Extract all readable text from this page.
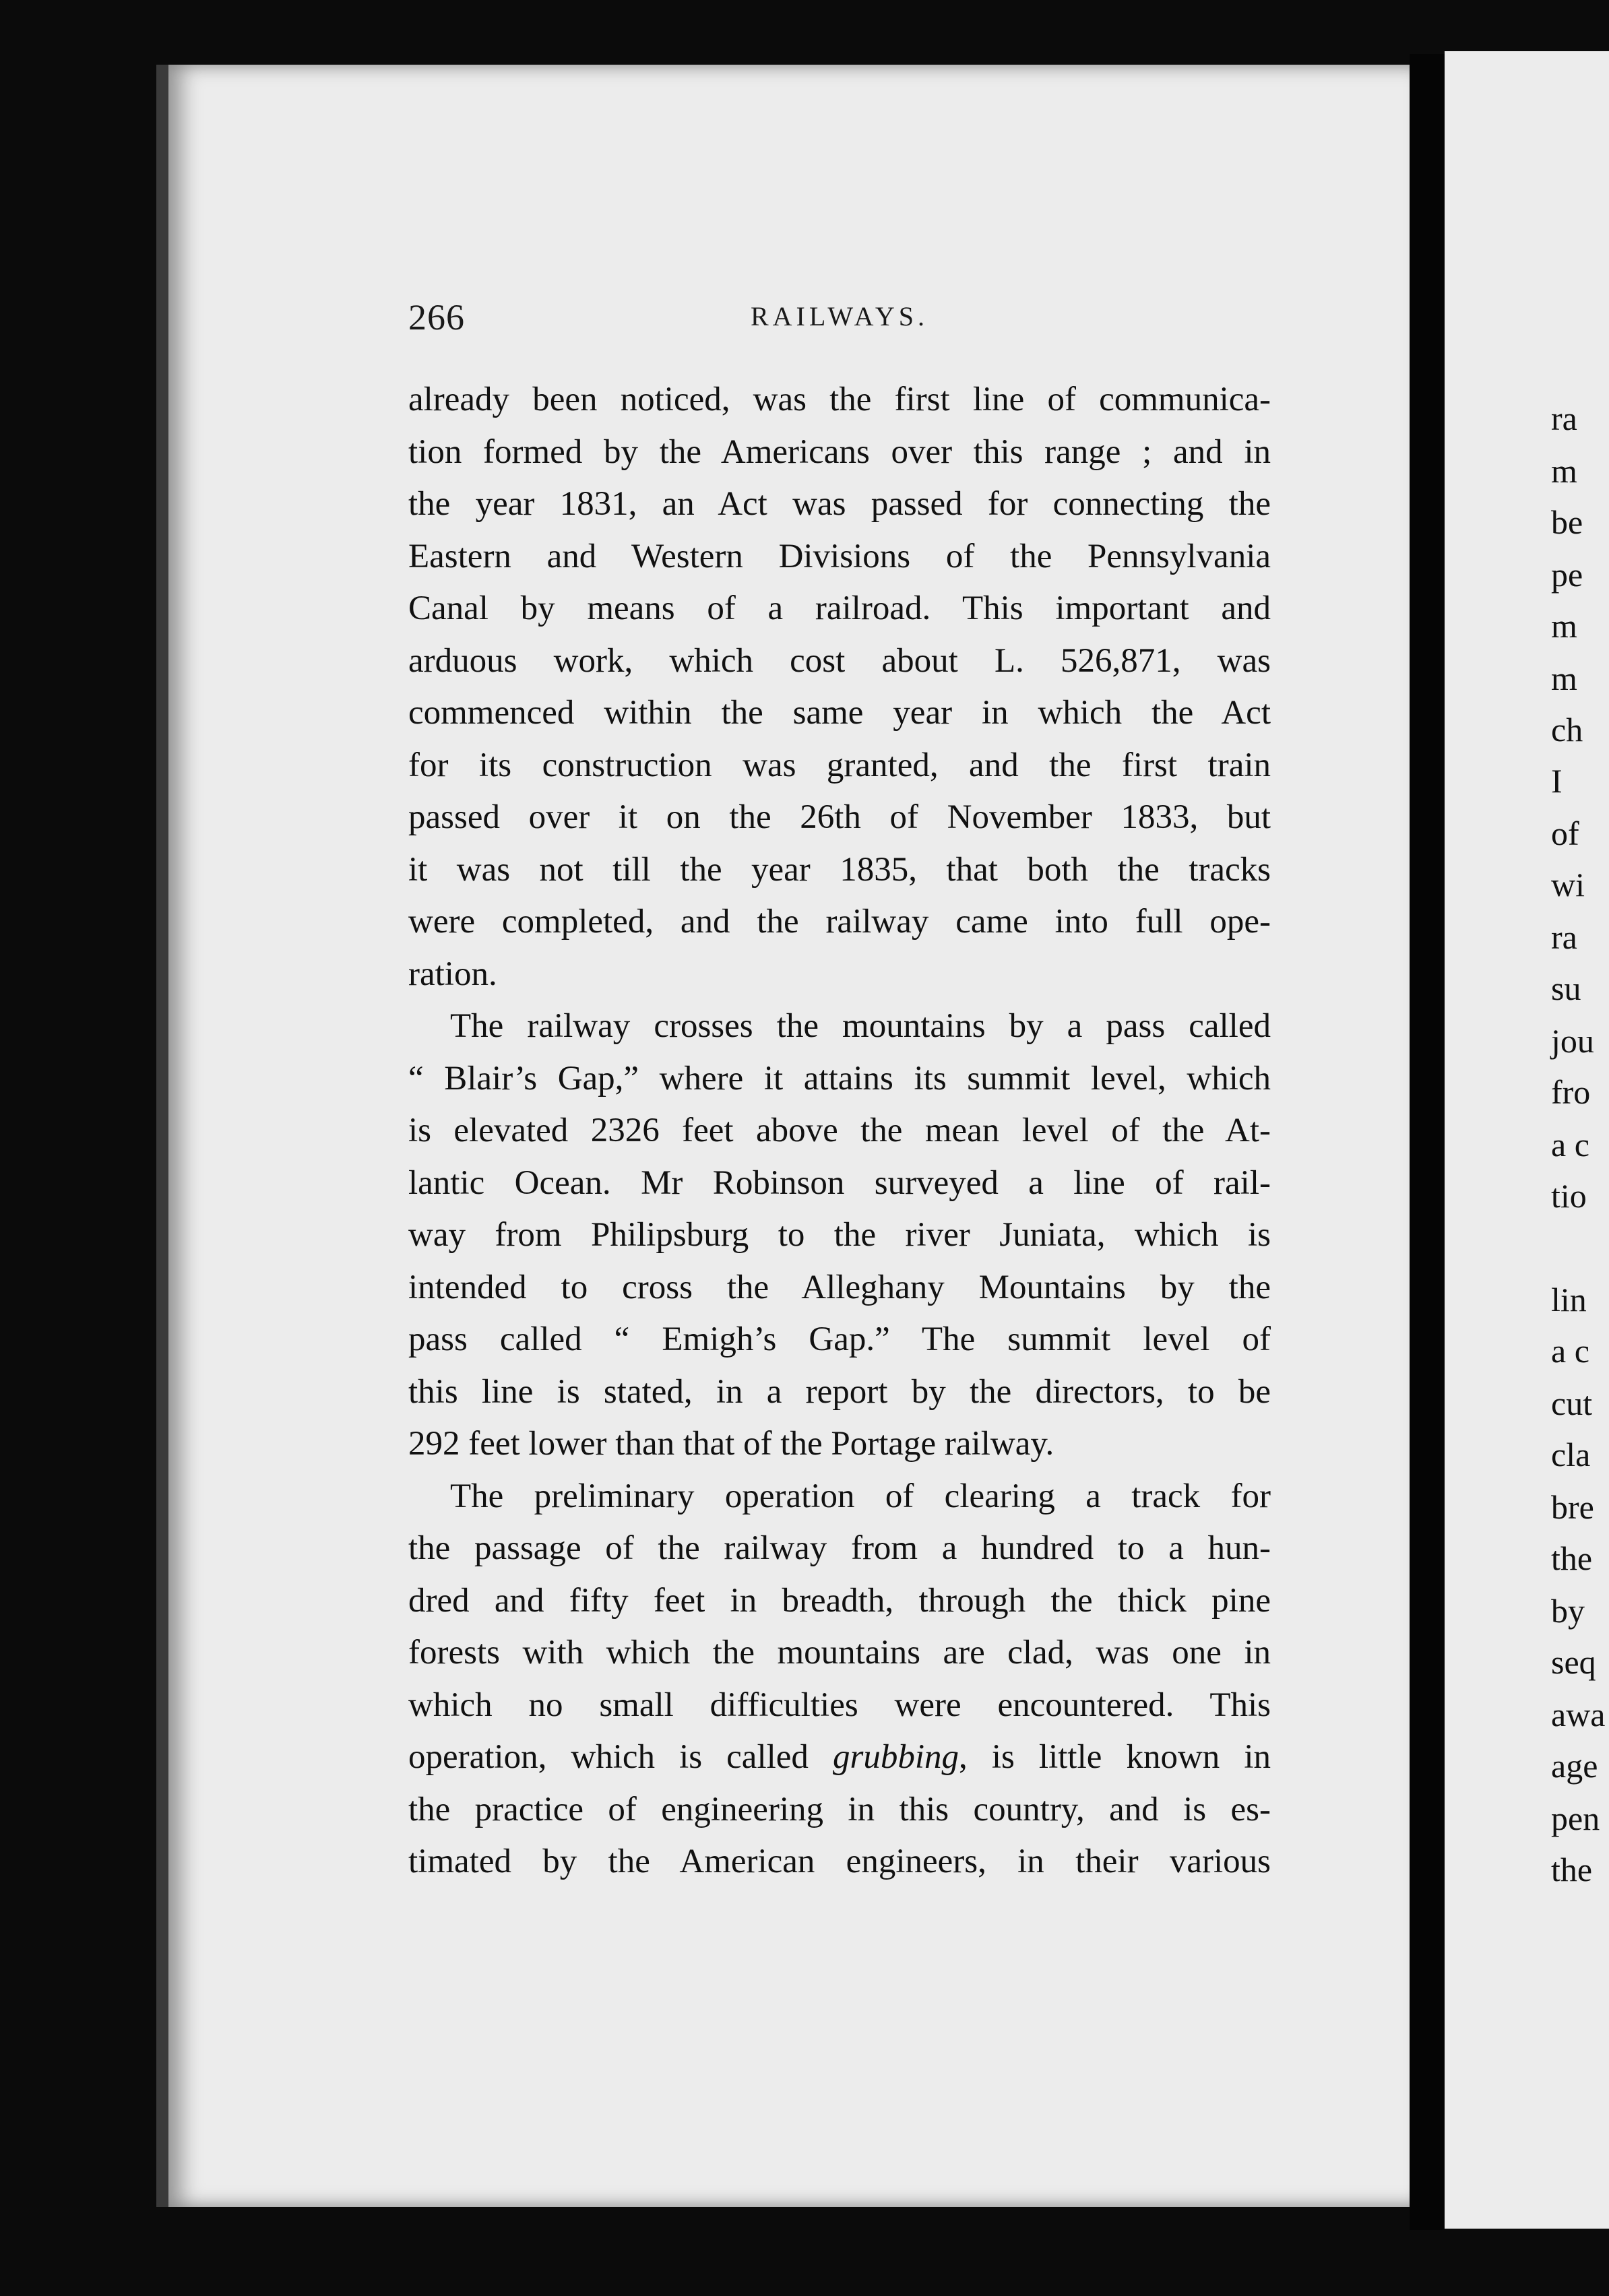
ra
m
be
pe
m
m
ch
I
of
wi
ra
su
jou
fro
a c
tio
lin
a c
cut
cla
bre
the
by
seq
awa
age
pen
the
266	RAILWAYS.
already been noticed, was the first line of communica-
tion formed by the Americans over this range ; and in
the year 1831, an Act was passed for connecting the
Eastern and Western Divisions of the Pennsylvania
Canal by means of a railroad. This important and
arduous work, which cost about L. 526,871, was
commenced within the same year in which the Act
for its construction was granted, and the first train
passed over it on the 26th of November 1833, but
it was not till the year 1835, that both the tracks
were completed, and the railway came into full ope-
ration.
The railway crosses the mountains by a pass called
“ Blair’s Gap,” where it attains its summit level, which
is elevated 2326 feet above the mean level of the At-
lantic Ocean. Mr Robinson surveyed a line of rail-
way from Philipsburg to the river Juniata, which is
intended to cross the Alleghany Mountains by the
pass called “ Emigh’s Gap.” The summit level of
this line is stated, in a report by the directors, to be
292 feet lower than that of the Portage railway.
The preliminary operation of clearing a track for
the passage of the railway from a hundred to a hun-
dred and fifty feet in breadth, through the thick pine
forests with which the mountains are clad, was one in
which no small difficulties were encountered. This
operation, which is called grubbing, is little known in
the practice of engineering in this country, and is es-
timated by the American engineers, in their various
